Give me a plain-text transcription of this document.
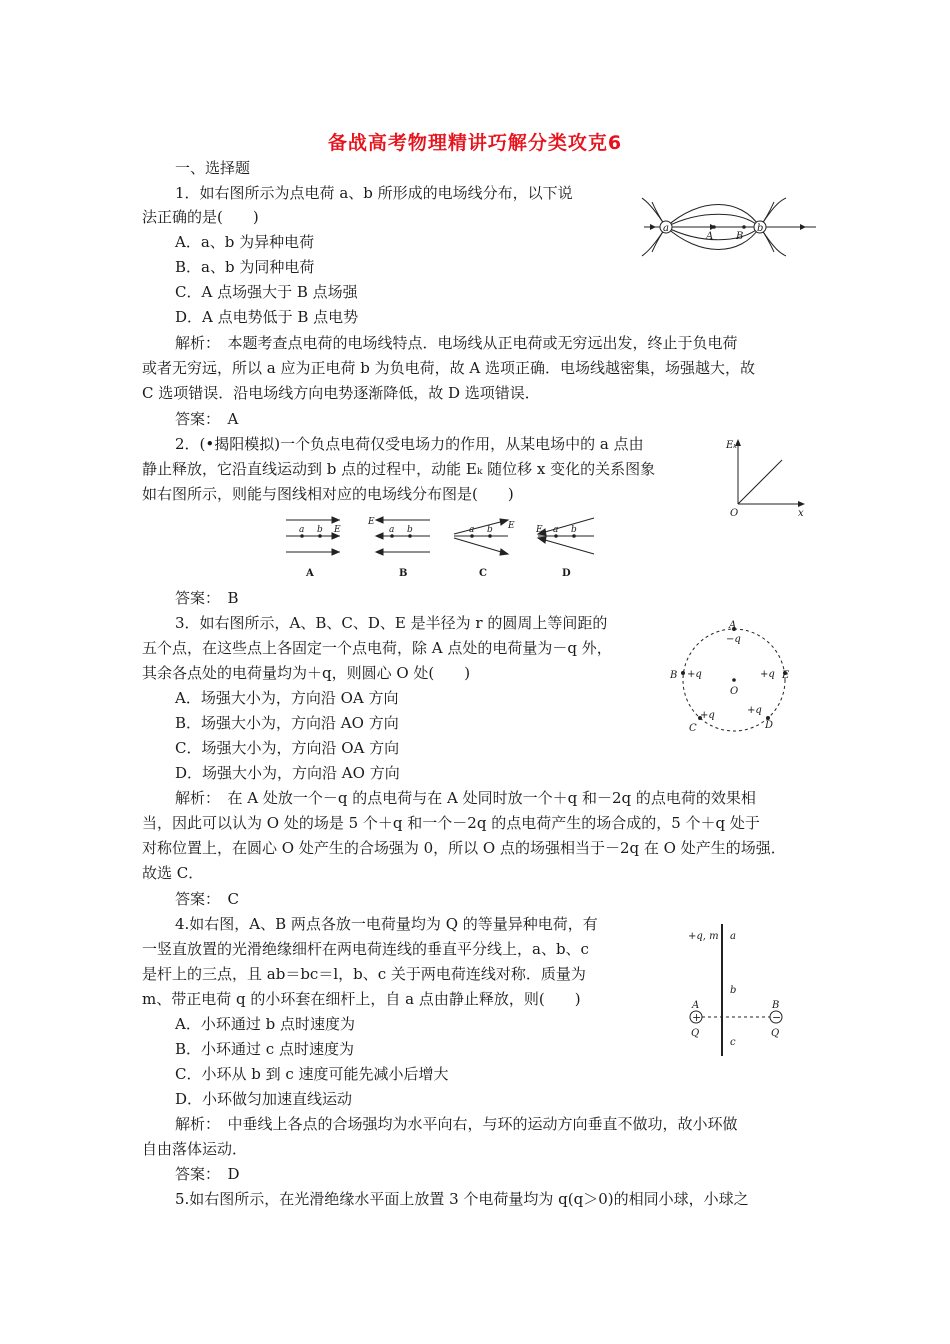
备战高考物理精讲巧解分类攻克6
一、选择题
1．如右图所示为点电荷 a、b 所形成的电场线分布，以下说
法正确的是(　　)
A．a、b 为异种电荷
B．a、b 为同种电荷
C．A 点场强大于 B 点场强
D．A 点电势低于 B 点电势
解析：　本题考查点电荷的电场线特点．电场线从正电荷或无穷远出发，终止于负电荷
或者无穷远，所以 a 应为正电荷 b 为负电荷，故 A 选项正确．电场线越密集，场强越大，故
C 选项错误．沿电场线方向电势逐渐降低，故 D 选项错误．
答案：　A
2．(•揭阳模拟)一个负点电荷仅受电场力的作用，从某电场中的 a 点由
静止释放，它沿直线运动到 b 点的过程中，动能 Eₖ 随位移 x 变化的关系图象
如右图所示，则能与图线相对应的电场线分布图是(　　)
答案：　B
3．如右图所示，A、B、C、D、E 是半径为 r 的圆周上等间距的
五个点，在这些点上各固定一个点电荷，除 A 点处的电荷量为－q 外，
其余各点处的电荷量均为＋q，则圆心 O 处(　　)
A．场强大小为，方向沿 OA 方向
B．场强大小为，方向沿 AO 方向
C．场强大小为，方向沿 OA 方向
D．场强大小为，方向沿 AO 方向
解析：　在 A 处放一个－q 的点电荷与在 A 处同时放一个＋q 和－2q 的点电荷的效果相
当，因此可以认为 O 处的场是 5 个＋q 和一个－2q 的点电荷产生的场合成的，5 个＋q 处于
对称位置上，在圆心 O 处产生的合场强为 0，所以 O 点的场强相当于－2q 在 O 处产生的场强．
故选 C．
答案：　C
4.如右图，A、B 两点各放一电荷量均为 Q 的等量异种电荷，有
一竖直放置的光滑绝缘细杆在两电荷连线的垂直平分线上，a、b、c
是杆上的三点，且 ab＝bc＝l，b、c 关于两电荷连线对称．质量为
m、带正电荷 q 的小环套在细杆上，自 a 点由静止释放，则(　　)
A．小环通过 b 点时速度为
B．小环通过 c 点时速度为
C．小环从 b 到 c 速度可能先减小后增大
D．小环做匀加速直线运动
解析：　中垂线上各点的合场强均为水平向右，与环的运动方向垂直不做功，故小环做
自由落体运动．
答案：　D
5.如右图所示，在光滑绝缘水平面上放置 3 个电荷量均为 q(q＞0)的相同小球，小球之
a	b
A B
Eₖ
O	x
a b E
E
a b	a b E E a b
A	B	C	D
A
−q
B +q	E
+q
O
C
+q
D
+q
+	−
+q, m a
b
c
A
Q
B
Q
